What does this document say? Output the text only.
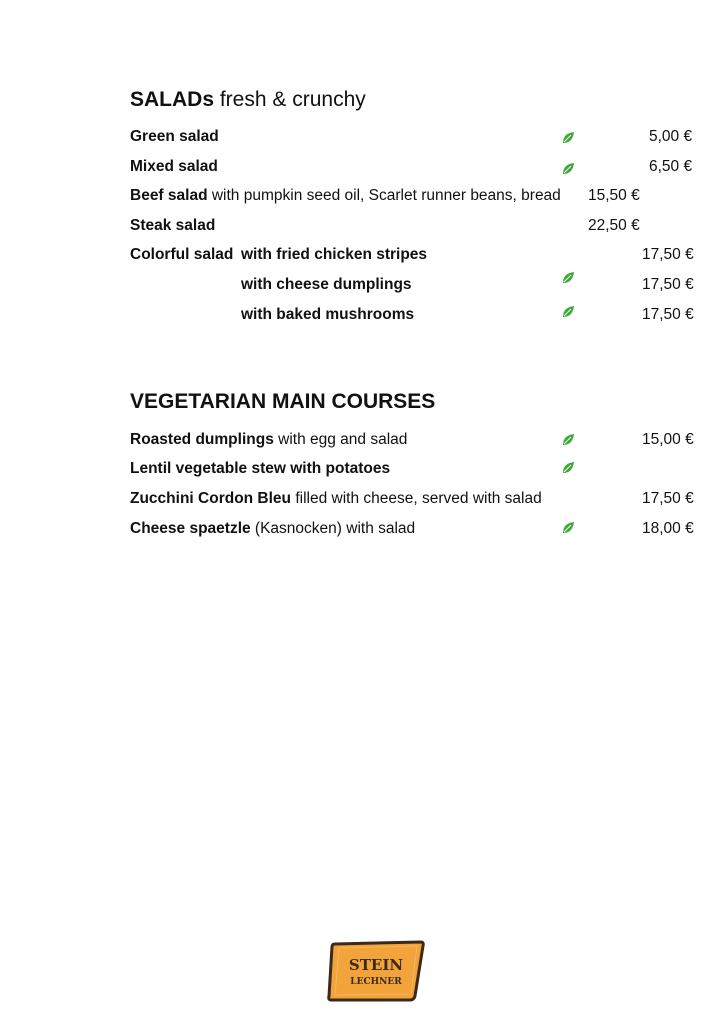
SALADs fresh & crunchy
Green salad	5,00 €
Mixed salad	6,50 €
Beef salad with pumpkin seed oil, Scarlet runner beans, bread 15,50 €
Steak salad	22,50 €
Colorful salad with fried chicken stripes	17,50 €
with cheese dumplings	17,50 €
with baked mushrooms	17,50 €
VEGETARIAN MAIN COURSES
Roasted dumplings with egg and salad	15,00 €
Lentil vegetable stew with potatoes
Zucchini Cordon Bleu filled with cheese, served with salad	17,50 €
Cheese spaetzle (Kasnocken) with salad	18,00 €
STEIN
LECHNER
